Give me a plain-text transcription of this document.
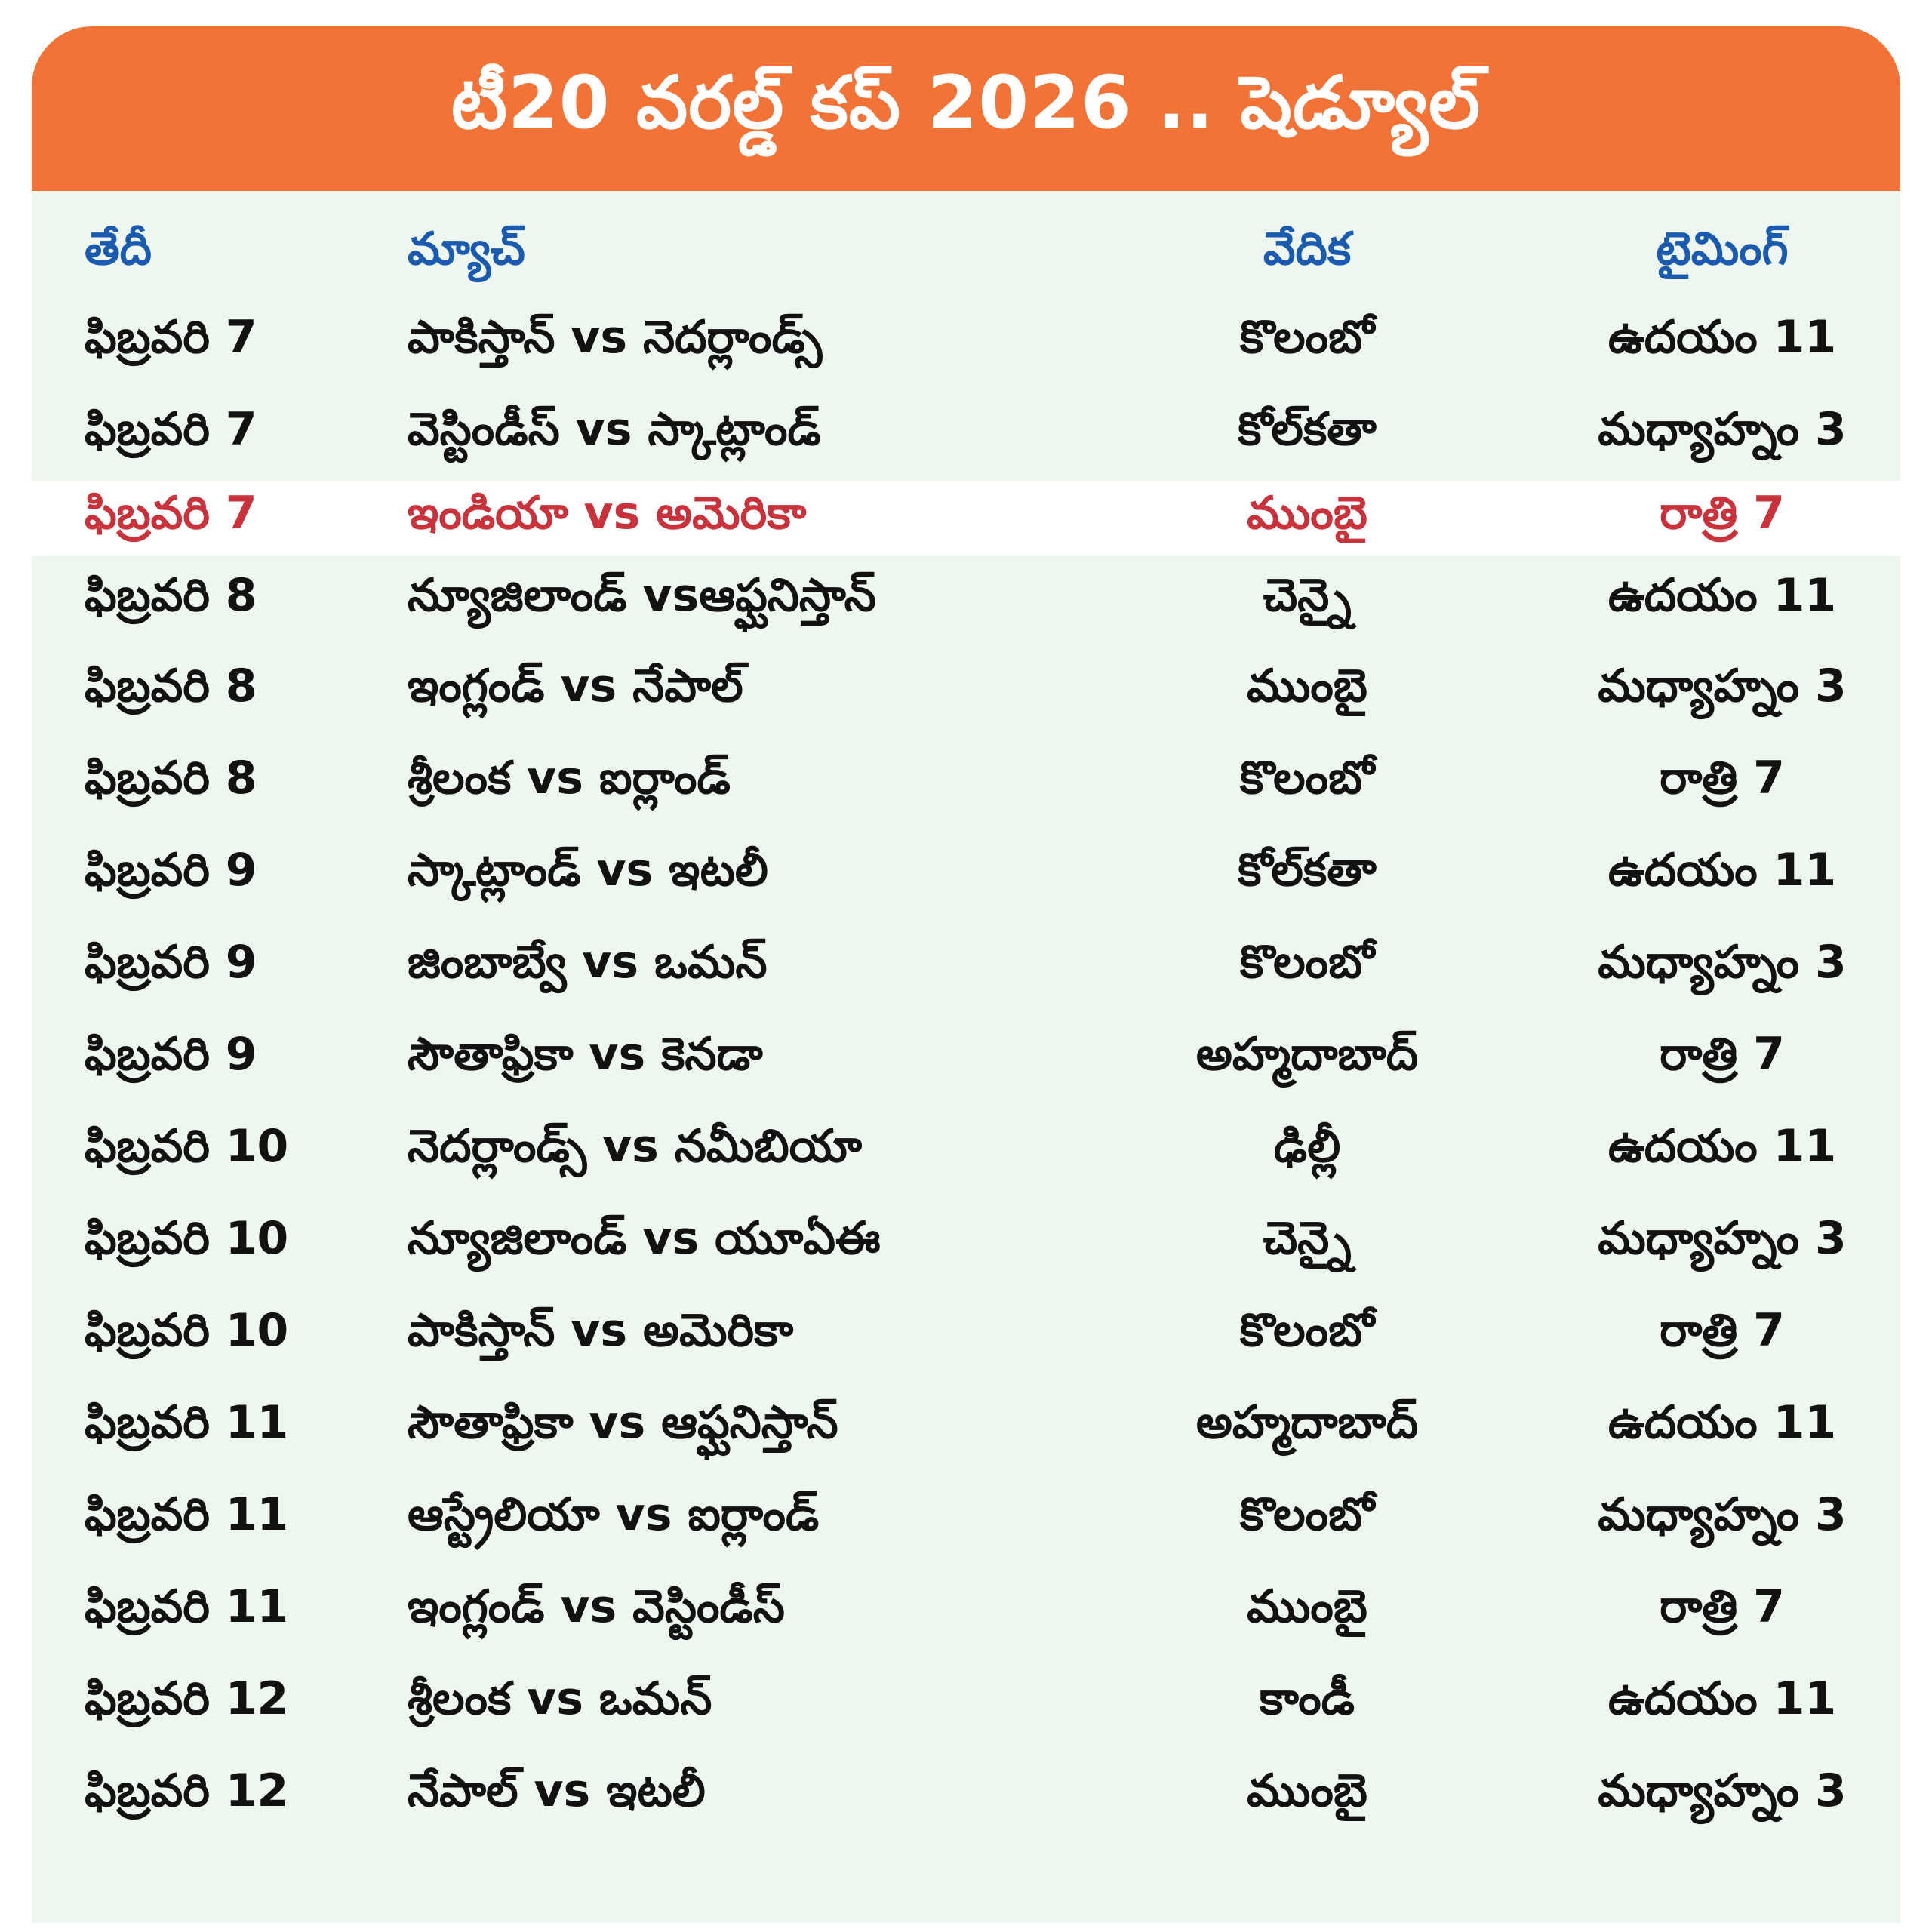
టీ20 వరల్డ్ కప్ 2026 .. షెడ్యూల్
తేదీ	మ్యాచ్	వేదిక	టైమింగ్
ఫిబ్రవరి 7	పాకిస్తాన్ vs నెదర్లాండ్స్	కొలంబో	ఉదయం 11
ఫిబ్రవరి 7	వెస్టిండీస్ vs స్కాట్లాండ్	కోల్‌కతా	మధ్యాహ్నం 3
ఫిబ్రవరి 7	ఇండియా vs అమెరికా	ముంబై	రాత్రి 7
ఫిబ్రవరి 8	న్యూజిలాండ్ vsఆఫ్ఘనిస్తాన్	చెన్నై	ఉదయం 11
ఫిబ్రవరి 8	ఇంగ్లండ్ vs నేపాల్	ముంబై	మధ్యాహ్నం 3
ఫిబ్రవరి 8	శ్రీలంక vs ఐర్లాండ్	కొలంబో	రాత్రి 7
ఫిబ్రవరి 9	స్కాట్లాండ్ vs ఇటలీ	కోల్‌కతా	ఉదయం 11
ఫిబ్రవరి 9	జింబాబ్వే vs ఒమన్	కొలంబో	మధ్యాహ్నం 3
ఫిబ్రవరి 9	సౌతాఫ్రికా vs కెనడా	అహ్మదాబాద్	రాత్రి 7
ఫిబ్రవరి 10	నెదర్లాండ్స్ vs నమీబియా	ఢిల్లీ	ఉదయం 11
ఫిబ్రవరి 10	న్యూజిలాండ్ vs యూఏఈ	చెన్నై	మధ్యాహ్నం 3
ఫిబ్రవరి 10	పాకిస్తాన్ vs అమెరికా	కొలంబో	రాత్రి 7
ఫిబ్రవరి 11	సౌతాఫ్రికా vs ఆఫ్ఘనిస్తాన్	అహ్మదాబాద్	ఉదయం 11
ఫిబ్రవరి 11	ఆస్ట్రేలియా vs ఐర్లాండ్	కొలంబో	మధ్యాహ్నం 3
ఫిబ్రవరి 11	ఇంగ్లండ్ vs వెస్టిండీస్	ముంబై	రాత్రి 7
ఫిబ్రవరి 12	శ్రీలంక vs ఒమన్	కాండీ	ఉదయం 11
ఫిబ్రవరి 12	నేపాల్ vs ఇటలీ	ముంబై	మధ్యాహ్నం 3
